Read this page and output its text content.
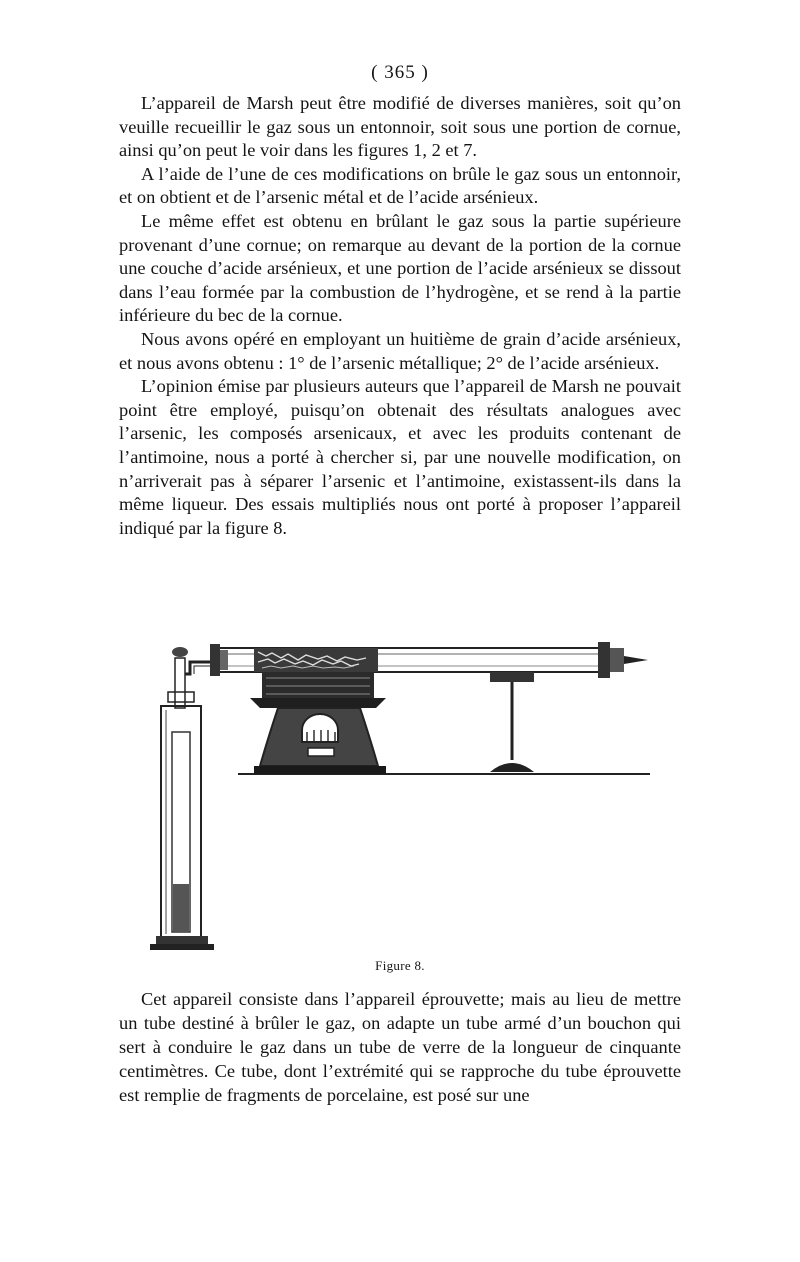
( 365 )

L’appareil de Marsh peut être modifié de diverses manières, soit qu’on veuille recueillir le gaz sous un entonnoir, soit sous une portion de cornue, ainsi qu’on peut le voir dans les figures 1, 2 et 7.

A l’aide de l’une de ces modifications on brûle le gaz sous un entonnoir, et on obtient et de l’arsenic métal et de l’acide arsénieux.

Le même effet est obtenu en brûlant le gaz sous la partie supérieure provenant d’une cornue; on remarque au devant de la portion de la cornue une couche d’acide arsénieux, et une portion de l’acide arsénieux se dissout dans l’eau formée par la combustion de l’hydrogène, et se rend à la partie inférieure du bec de la cornue.

Nous avons opéré en employant un huitième de grain d’acide arsénieux, et nous avons obtenu : 1° de l’arsenic métallique; 2° de l’acide arsénieux.

L’opinion émise par plusieurs auteurs que l’appareil de Marsh ne pouvait point être employé, puisqu’on obtenait des résultats analogues avec l’arsenic, les composés arsenicaux, et avec les produits contenant de l’antimoine, nous a porté à chercher si, par une nouvelle modification, on n’arriverait pas à séparer l’arsenic et l’antimoine, existassent-ils dans la même liqueur. Des essais multipliés nous ont porté à proposer l’appareil indiqué par la figure 8.

Figure 8.

Cet appareil consiste dans l’appareil éprouvette; mais au lieu de mettre un tube destiné à brûler le gaz, on adapte un tube armé d’un bouchon qui sert à conduire le gaz dans un tube de verre de la longueur de cinquante centimètres. Ce tube, dont l’extrémité qui se rapproche du tube éprouvette est remplie de fragments de porcelaine, est posé sur une
